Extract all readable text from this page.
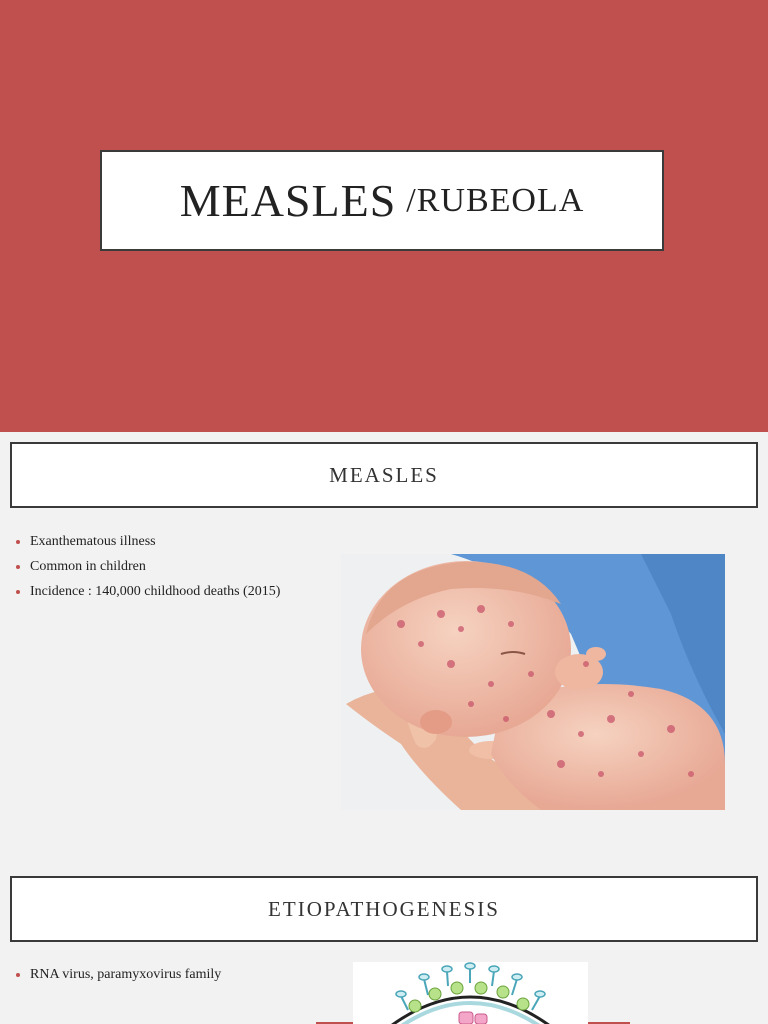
MEASLES /RUBEOLA
MEASLES
Exanthematous illness
Common in children
Incidence : 140,000 childhood deaths (2015)
ETIOPATHOGENESIS
RNA virus, paramyxovirus family
